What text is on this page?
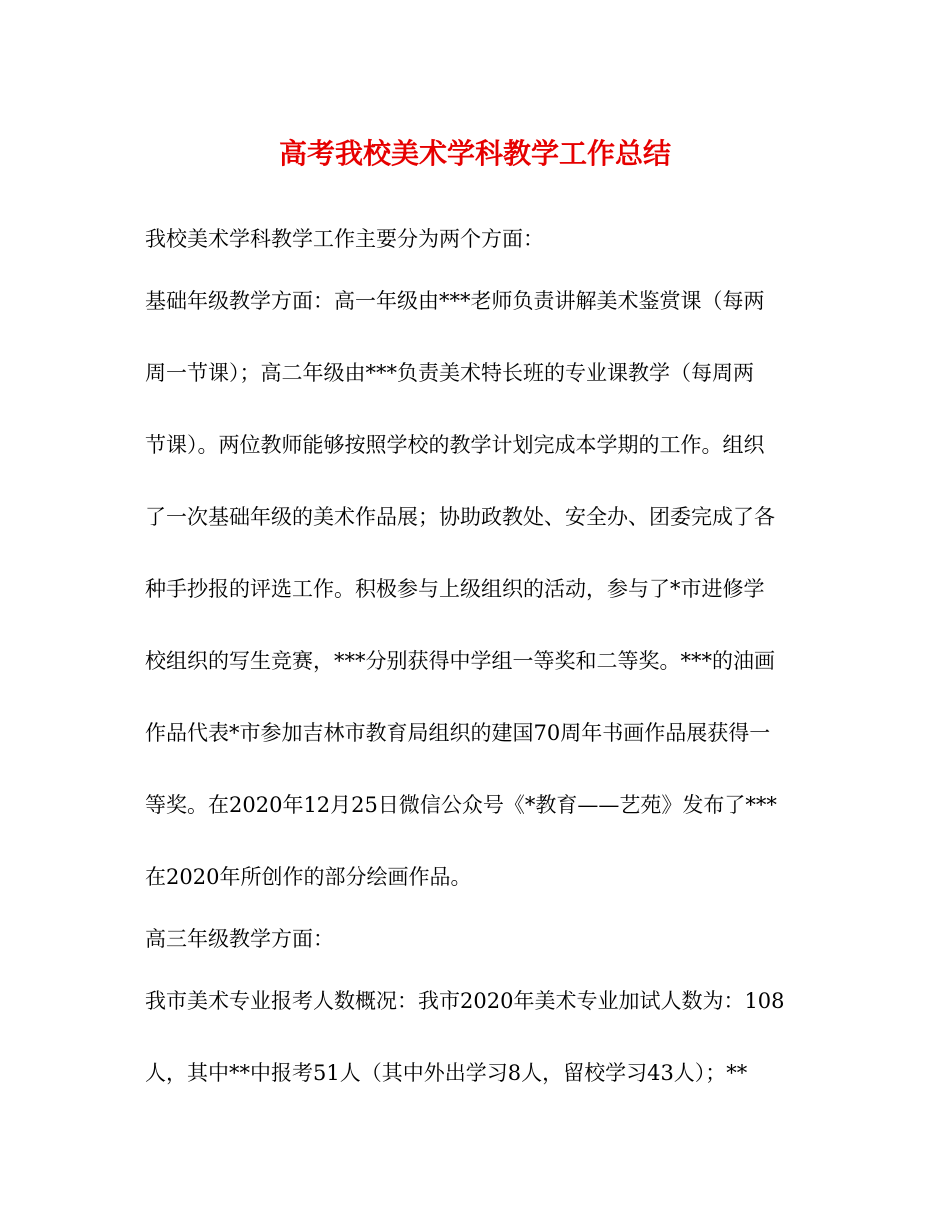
高考我校美术学科教学工作总结
我校美术学科教学工作主要分为两个方面：
基础年级教学方面：高一年级由***老师负责讲解美术鉴赏课（每两
周一节课）；高二年级由***负责美术特长班的专业课教学（每周两
节课）。两位教师能够按照学校的教学计划完成本学期的工作。组织
了一次基础年级的美术作品展；协助政教处、安全办、团委完成了各
种手抄报的评选工作。积极参与上级组织的活动，参与了*市进修学
校组织的写生竞赛，***分别获得中学组一等奖和二等奖。***的油画
作品代表*市参加吉林市教育局组织的建国70周年书画作品展获得一
等奖。在2020年12月25日微信公众号《*教育——艺苑》发布了***
在2020年所创作的部分绘画作品。
高三年级教学方面：
我市美术专业报考人数概况：我市2020年美术专业加试人数为：108
人，其中**中报考51人（其中外出学习8人，留校学习43人）；**
